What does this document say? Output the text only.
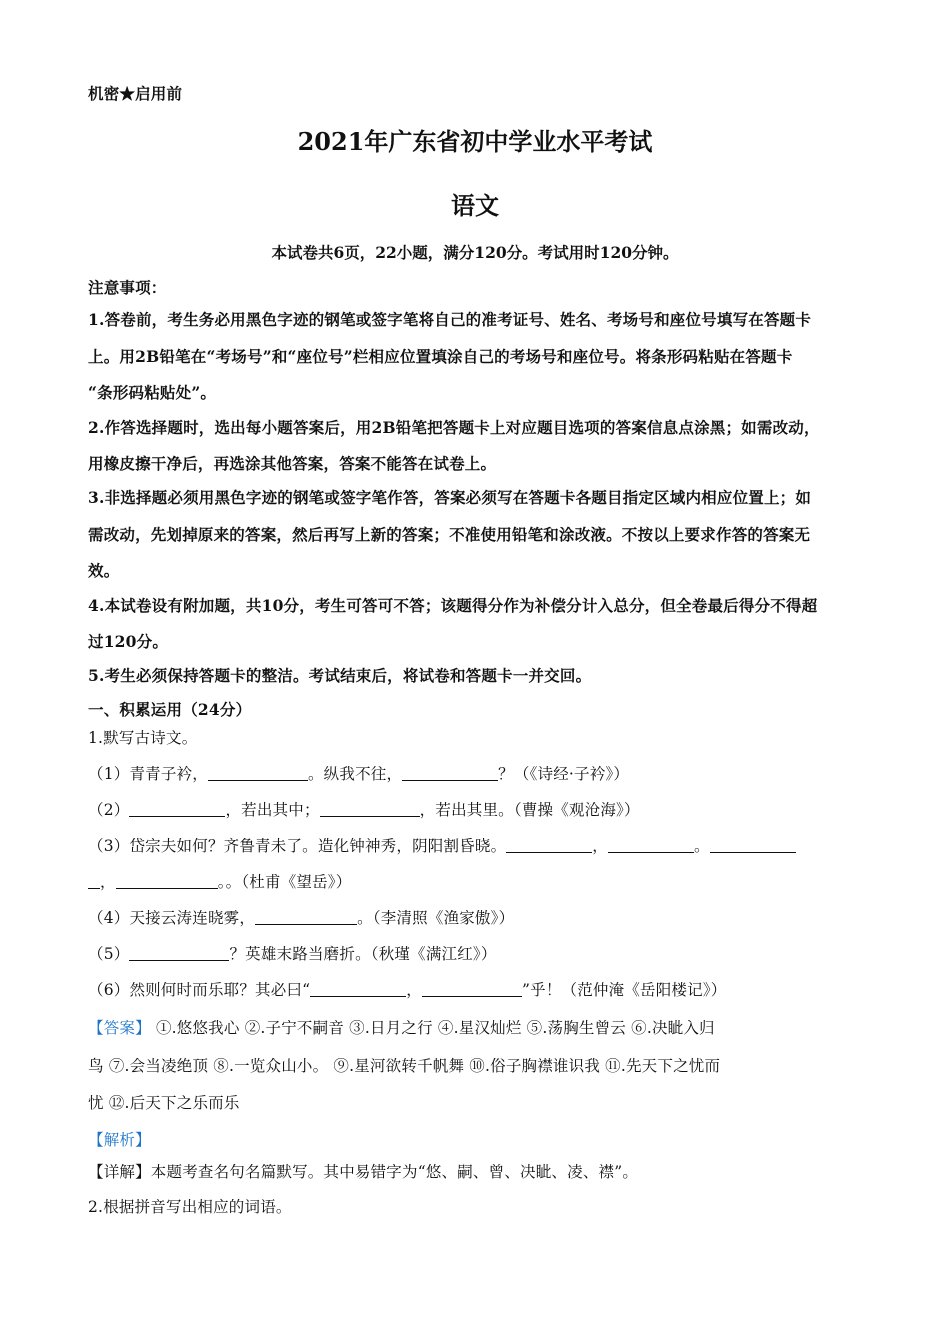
机密★启用前
2021年广东省初中学业水平考试
语文
本试卷共6页，22小题，满分120分。考试用时120分钟。
注意事项：
1.答卷前，考生务必用黑色字迹的钢笔或签字笔将自己的准考证号、姓名、考场号和座位号填写在答题卡
上。用2B铅笔在“考场号”和“座位号”栏相应位置填涂自己的考场号和座位号。将条形码粘贴在答题卡
“条形码粘贴处”。
2.作答选择题时，选出每小题答案后，用2B铅笔把答题卡上对应题目选项的答案信息点涂黑；如需改动，
用橡皮擦干净后，再选涂其他答案，答案不能答在试卷上。
3.非选择题必须用黑色字迹的钢笔或签字笔作答，答案必须写在答题卡各题目指定区域内相应位置上；如
需改动，先划掉原来的答案，然后再写上新的答案；不准使用铅笔和涂改液。不按以上要求作答的答案无
效。
4.本试卷设有附加题，共10分，考生可答可不答；该题得分作为补偿分计入总分，但全卷最后得分不得超
过120分。
5.考生必须保持答题卡的整洁。考试结束后，将试卷和答题卡一并交回。
一、积累运用（24分）
1.默写古诗文。
（1）青青子衿，	。纵我不往，	？（《诗经·子衿》）
（2）	，若出其中；	，若出其里。（曹操《观沧海》）
（3）岱宗夫如何？齐鲁青未了。造化钟神秀，阴阳割昏晓。	，	。
，	。。（杜甫《望岳》）
（4）天接云涛连晓雾，	。（李清照《渔家傲》）
（5）	？英雄末路当磨折。（秋瑾《满江红》）
（6）然则何时而乐耶？其必曰“	，	”乎！（范仲淹《岳阳楼记》）
【答案】 ①.悠悠我心 ②.子宁不嗣音 ③.日月之行 ④.星汉灿烂 ⑤.荡胸生曾云 ⑥.决眦入归
鸟 ⑦.会当凌绝顶 ⑧.一览众山小。 ⑨.星河欲转千帆舞 ⑩.俗子胸襟谁识我 ⑪.先天下之忧而
忧 ⑫.后天下之乐而乐
【解析】
【详解】本题考查名句名篇默写。其中易错字为“悠、嗣、曾、决眦、凌、襟”。
2.根据拼音写出相应的词语。
